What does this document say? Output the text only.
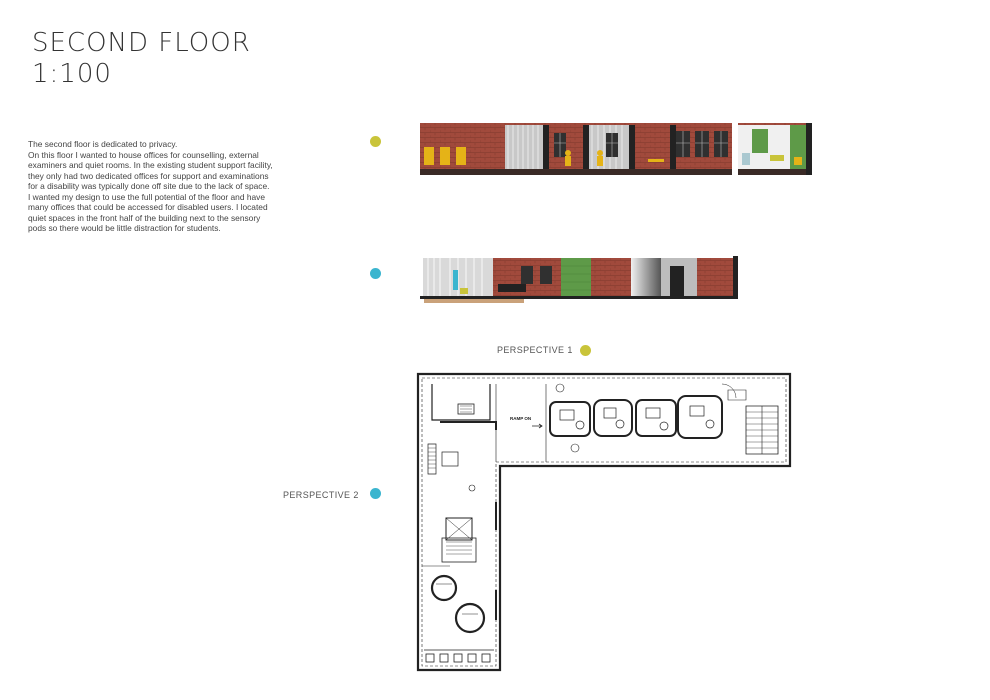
SECOND FLOOR
1:100

The second floor is dedicated to privacy.

On this floor I wanted to house offices for counselling, external examiners and quiet rooms. In the existing student support facility, they only had two dedicated offices for support and examinations for a disability was typically done off site due to the lack of space.

I wanted my design to use the full potential of the floor and have many offices that could be accessed for disabled users. I located quiet spaces in the front half of the building next to the sensory pods so there would be little distraction for students.

PERSPECTIVE 1
PERSPECTIVE 2
RAMP ON
